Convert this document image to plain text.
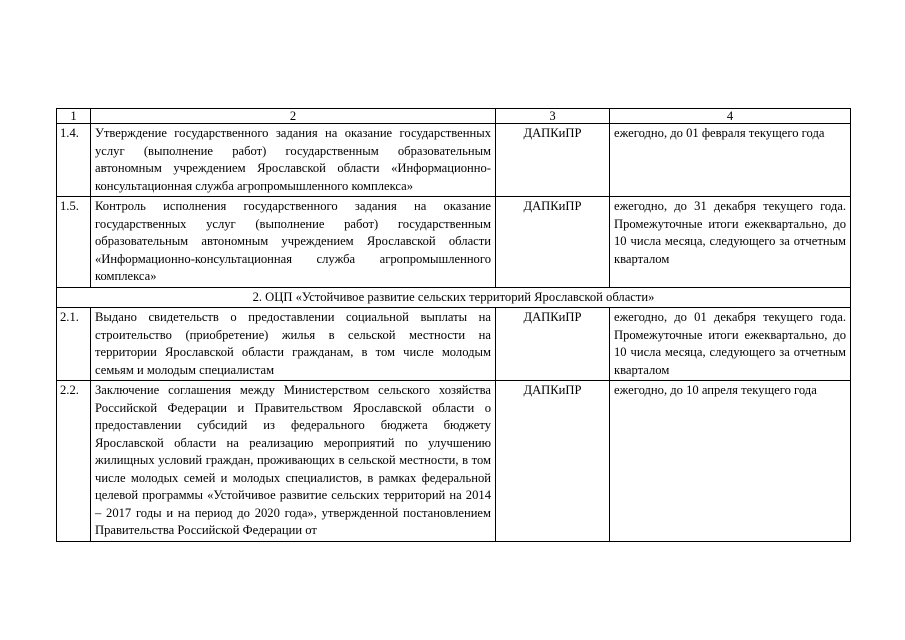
1	2	3	4
1.4.	Утверждение государственного задания на оказание государственных услуг (выполнение работ) государственным образовательным автономным учреждением Ярославской области «Информационно-консультационная служба агропромышленного комплекса»	ДАПКиПР	ежегодно, до 01 февраля текущего года
1.5.	Контроль исполнения государственного задания на оказание государственных услуг (выполнение работ) государственным образовательным автономным учреждением Ярославской области «Информационно-консультационная служба агропромышленного комплекса»	ДАПКиПР	ежегодно, до 31 декабря текущего года. Промежуточные итоги ежеквартально, до 10 числа месяца, следующего за отчетным кварталом
2. ОЦП «Устойчивое развитие сельских территорий Ярославской области»			
2.1.	Выдано свидетельств о предоставлении социальной выплаты на строительство (приобретение) жилья в сельской местности на территории Ярославской области гражданам, в том числе молодым семьям и молодым специалистам	ДАПКиПР	ежегодно, до 01 декабря текущего года. Промежуточные итоги ежеквартально, до 10 числа месяца, следующего за отчетным кварталом
2.2.	Заключение соглашения между Министерством сельского хозяйства Российской Федерации и Правительством Ярославской области о предоставлении субсидий из федерального бюджета бюджету Ярославской области на реализацию мероприятий по улучшению жилищных условий граждан, проживающих в сельской местности, в том числе молодых семей и молодых специалистов, в рамках федеральной целевой программы «Устойчивое развитие сельских территорий на 2014 – 2017 годы и на период до 2020 года», утвержденной постановлением Правительства Российской Федерации от	ДАПКиПР	ежегодно, до 10 апреля текущего года
